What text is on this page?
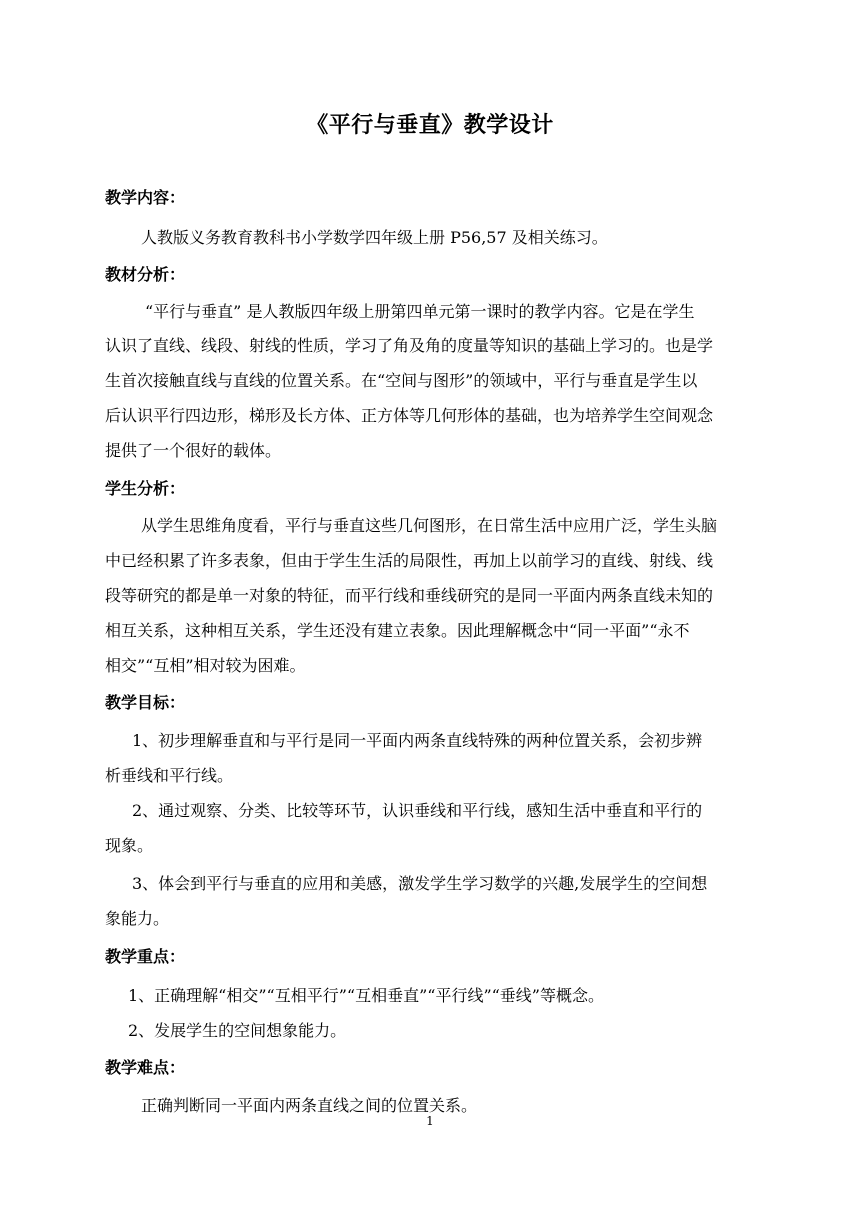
《平行与垂直》教学设计
教学内容：
人教版义务教育教科书小学数学四年级上册 P56,57 及相关练习。
教材分析：
“平行与垂直” 是人教版四年级上册第四单元第一课时的教学内容。它是在学生
认识了直线、线段、射线的性质，学习了角及角的度量等知识的基础上学习的。也是学
生首次接触直线与直线的位置关系。在“空间与图形”的领域中，平行与垂直是学生以
后认识平行四边形，梯形及长方体、正方体等几何形体的基础，也为培养学生空间观念
提供了一个很好的载体。
学生分析：
从学生思维角度看，平行与垂直这些几何图形，在日常生活中应用广泛，学生头脑
中已经积累了许多表象，但由于学生生活的局限性，再加上以前学习的直线、射线、线
段等研究的都是单一对象的特征，而平行线和垂线研究的是同一平面内两条直线未知的
相互关系，这种相互关系，学生还没有建立表象。因此理解概念中“同一平面”“永不
相交”“互相”相对较为困难。
教学目标：
1、初步理解垂直和与平行是同一平面内两条直线特殊的两种位置关系，会初步辨
析垂线和平行线。
2、通过观察、分类、比较等环节，认识垂线和平行线，感知生活中垂直和平行的
现象。
3、体会到平行与垂直的应用和美感，激发学生学习数学的兴趣,发展学生的空间想
象能力。
教学重点：
1、正确理解“相交”“互相平行”“互相垂直”“平行线”“垂线”等概念。
2、发展学生的空间想象能力。
教学难点：
正确判断同一平面内两条直线之间的位置关系。
1
